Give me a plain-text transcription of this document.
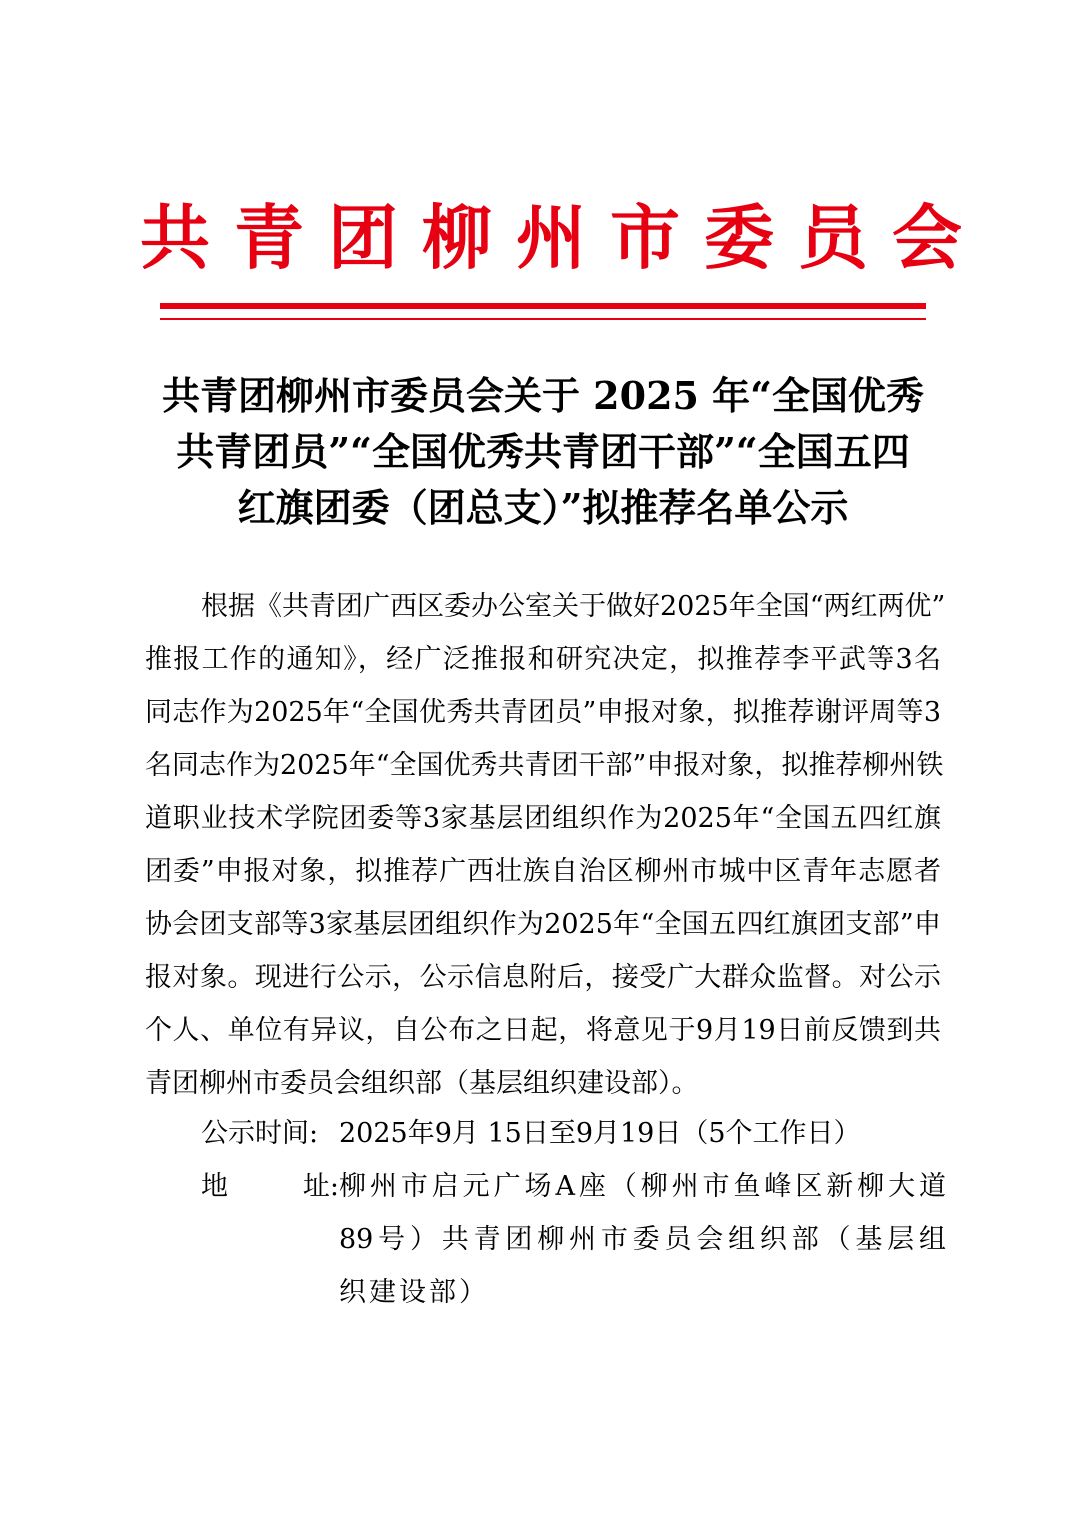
共青团柳州市委员会
共青团柳州市委员会关于 2025 年“全国优秀
共青团员”“全国优秀共青团干部”“全国五四
红旗团委（团总支）”拟推荐名单公示
根据《共青团广西区委办公室关于做好2025年全国“两红两优”
推报工作的通知》，经广泛推报和研究决定，拟推荐李平武等3名
同志作为2025年“全国优秀共青团员”申报对象，拟推荐谢评周等3
名同志作为2025年“全国优秀共青团干部”申报对象，拟推荐柳州铁
道职业技术学院团委等3家基层团组织作为2025年“全国五四红旗
团委”申报对象，拟推荐广西壮族自治区柳州市城中区青年志愿者
协会团支部等3家基层团组织作为2025年“全国五四红旗团支部”申
报对象。现进行公示，公示信息附后，接受广大群众监督。对公示
个人、单位有异议，自公布之日起，将意见于9月19日前反馈到共
青团柳州市委员会组织部（基层组织建设部）。
公示时间: 2025年9月 15日至9月19日（5个工作日）
地	址: 柳州市启元广场A座（柳州市鱼峰区新柳大道
89号）共青团柳州市委员会组织部（基层组
织建设部）
